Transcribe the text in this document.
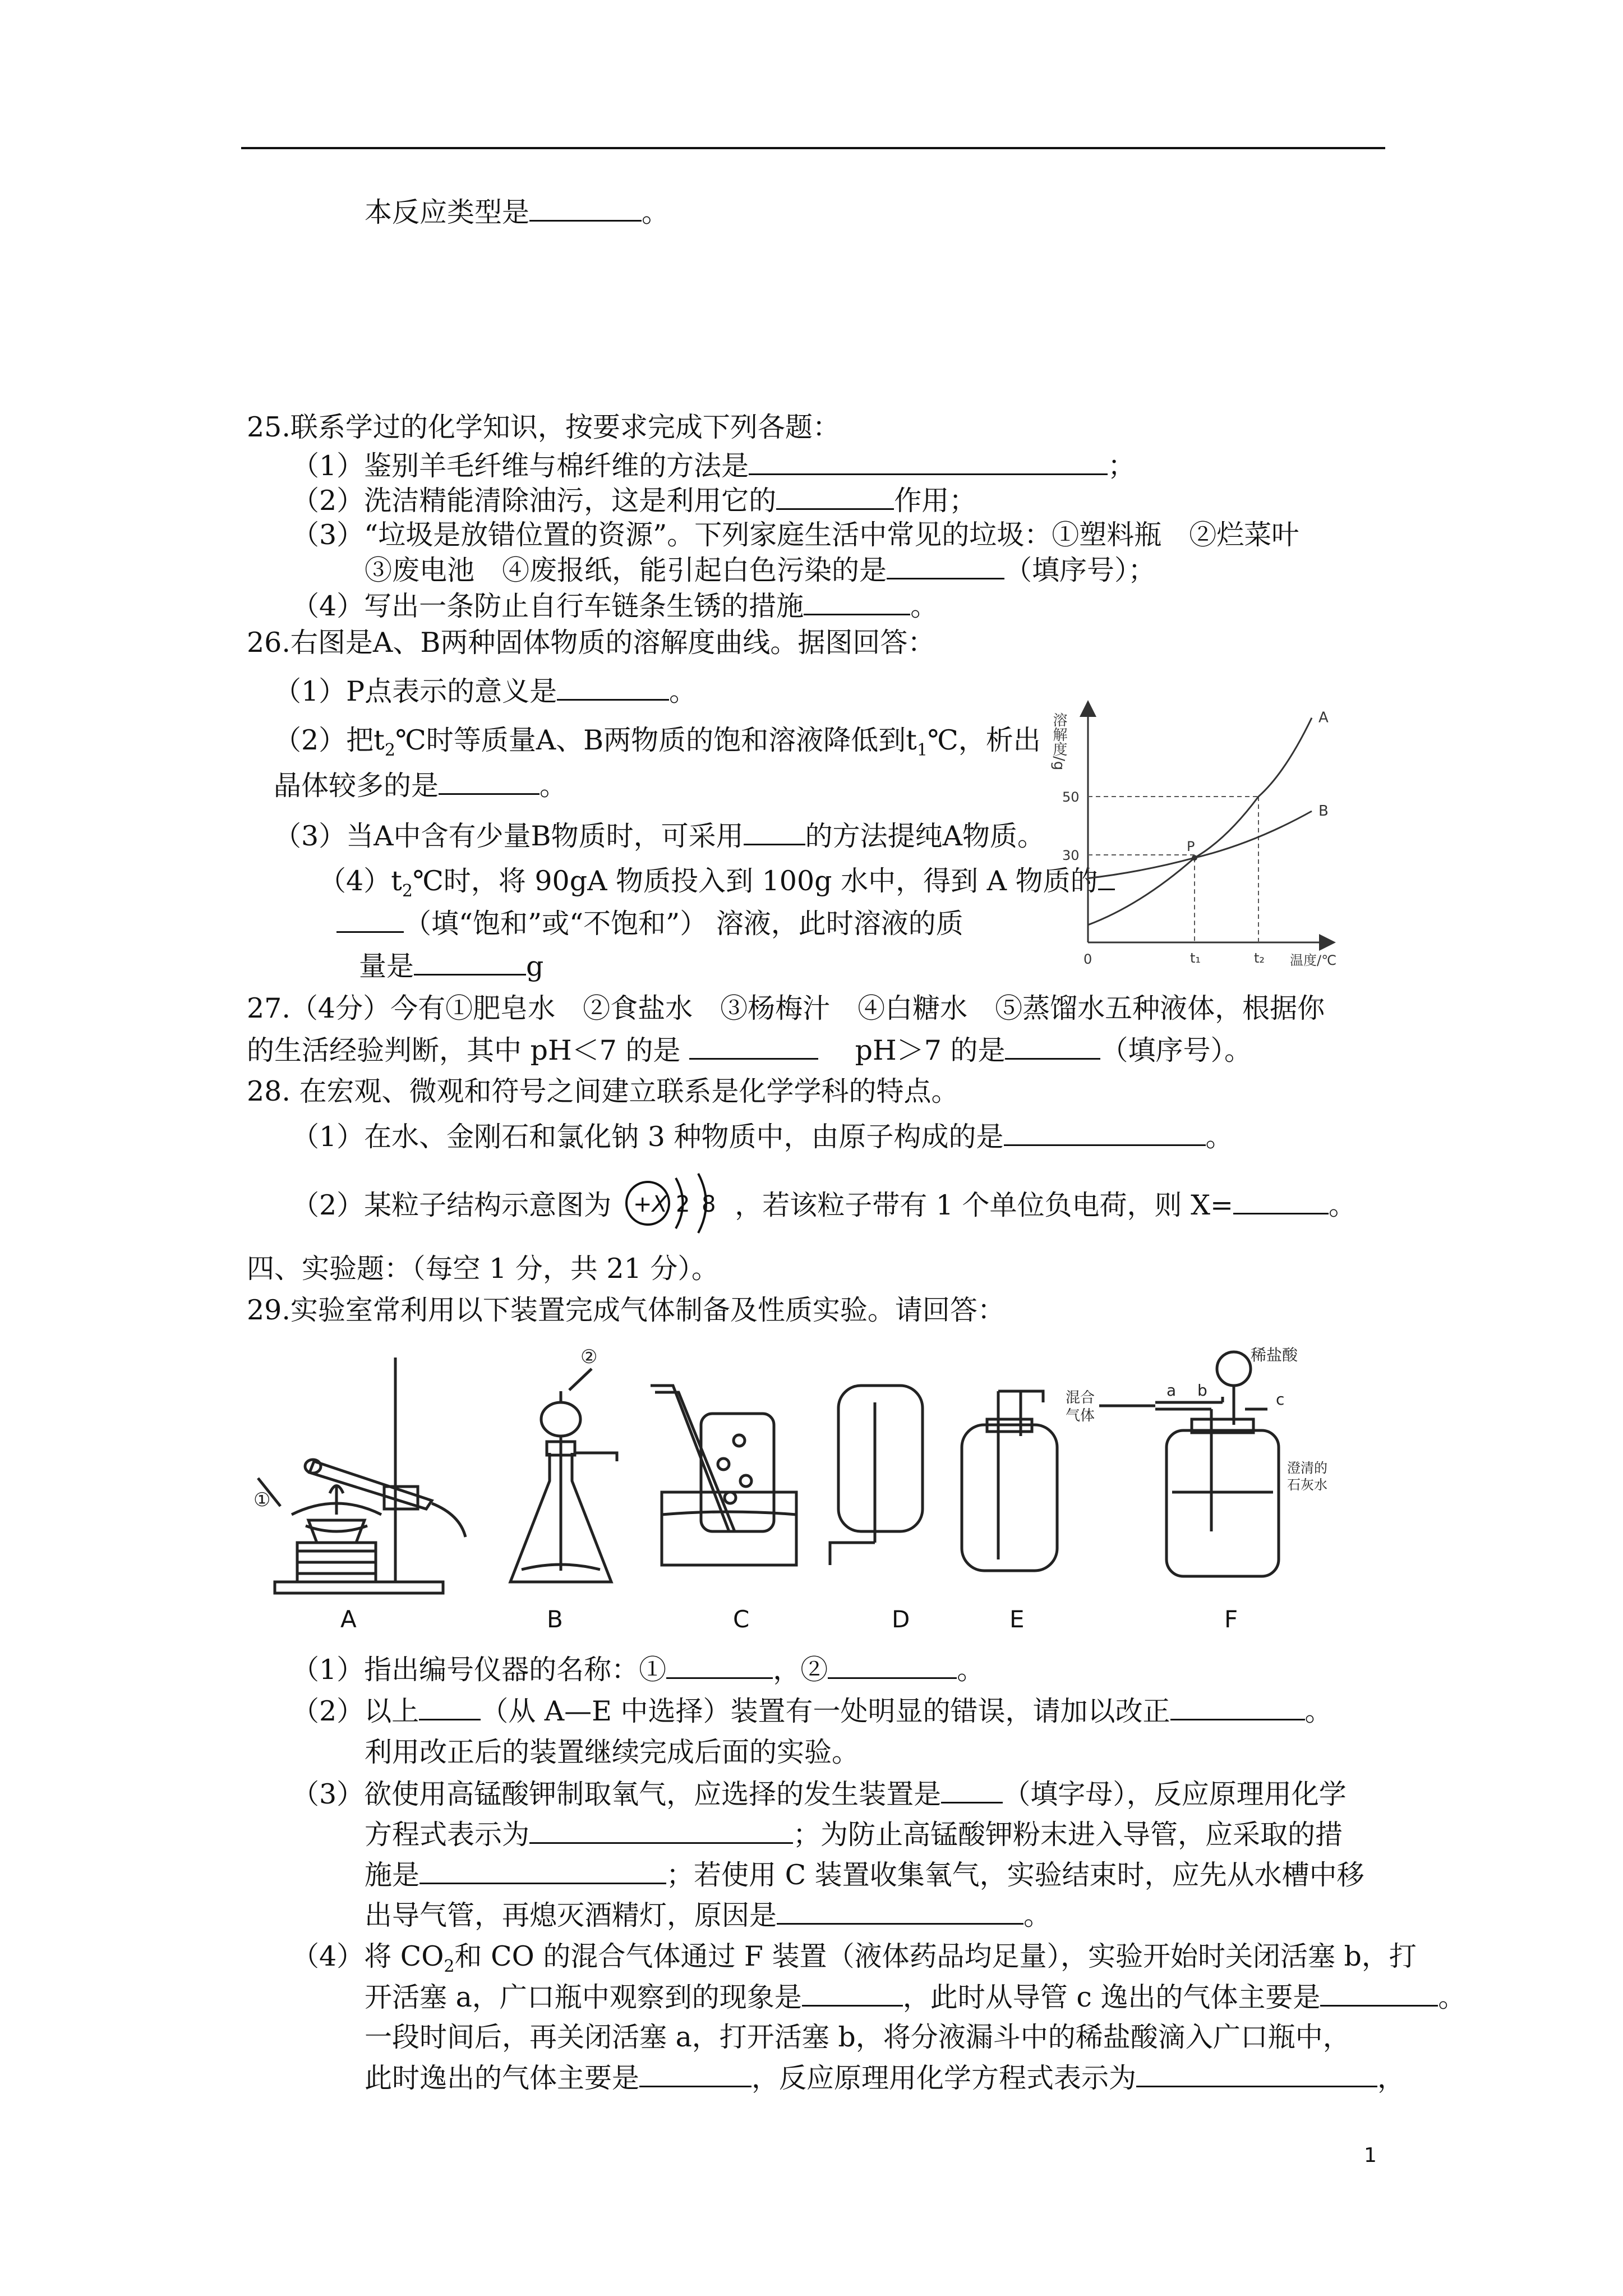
本反应类型是	。
25.联系学过的化学知识，按要求完成下列各题：
（1）鉴别羊毛纤维与棉纤维的方法是	；
（2）洗洁精能清除油污，这是利用它的	作用；
（3）“垃圾是放错位置的资源”。下列家庭生活中常见的垃圾：①塑料瓶　②烂菜叶
③废电池　④废报纸，能引起白色污染的是	（填序号）；
（4）写出一条防止自行车链条生锈的措施	。
26.右图是A、B两种固体物质的溶解度曲线。据图回答：
（1）P点表示的意义是	。
（2）把$t_2℃$时等质量A、B两物质的饱和溶液降低到$t_1℃$，析出
晶体较多的是	。
（3）当A中含有少量B物质时，可采用 的方法提纯A物质。
$(4)t_2℃$时，将 90gA 物质投入到 100g 水中，得到 A 物质的
（填“饱和”或“不饱和”） 溶液，此时溶液的质
量是	g
溶解度/g
温度/℃
0
30
50
t₁	t₂
A
B
P
27.（4分）今有①肥皂水　②食盐水　③杨梅汁　④白糖水　⑤蒸馏水五种液体，根据你
的生活经验判断，其中 pH＜7 的是	pH＞7 的是	（填序号）。
28. 在宏观、微观和符号之间建立联系是化学学科的特点。
（1）在水、金刚石和氯化钠 3 种物质中，由原子构成的是	。
（2）某粒子结构示意图为	，若该粒子带有 1 个单位负电荷，则 X=	。
+X 2 8
四、实验题：（每空 1 分，共 21 分）。
29.实验室常利用以下装置完成气体制备及性质实验。请回答：
①
②	稀盐酸
混合
气体
a b	c
澄清的
石灰水
A	B	C	D	E	F
（1）指出编号仪器的名称：①	，②	。
（2）以上 （从 A—E 中选择）装置有一处明显的错误，请加以改正	。
利用改正后的装置继续完成后面的实验。
（3）欲使用高锰酸钾制取氧气，应选择的发生装置是 （填字母），反应原理用化学
方程式表示为	；为防止高锰酸钾粉末进入导管，应采取的措
施是	；若使用 C 装置收集氧气，实验结束时，应先从水槽中移
出导气管，再熄灭酒精灯，原因是	。
（4）将 $CO_2$和 CO 的混合气体通过 F 装置（液体药品均足量），实验开始时关闭活塞 b，打
开活塞 a，广口瓶中观察到的现象是	，此时从导管 c 逸出的气体主要是	。
一段时间后，再关闭活塞 a，打开活塞 b，将分液漏斗中的稀盐酸滴入广口瓶中，
此时逸出的气体主要是	，反应原理用化学方程式表示为	，
1
